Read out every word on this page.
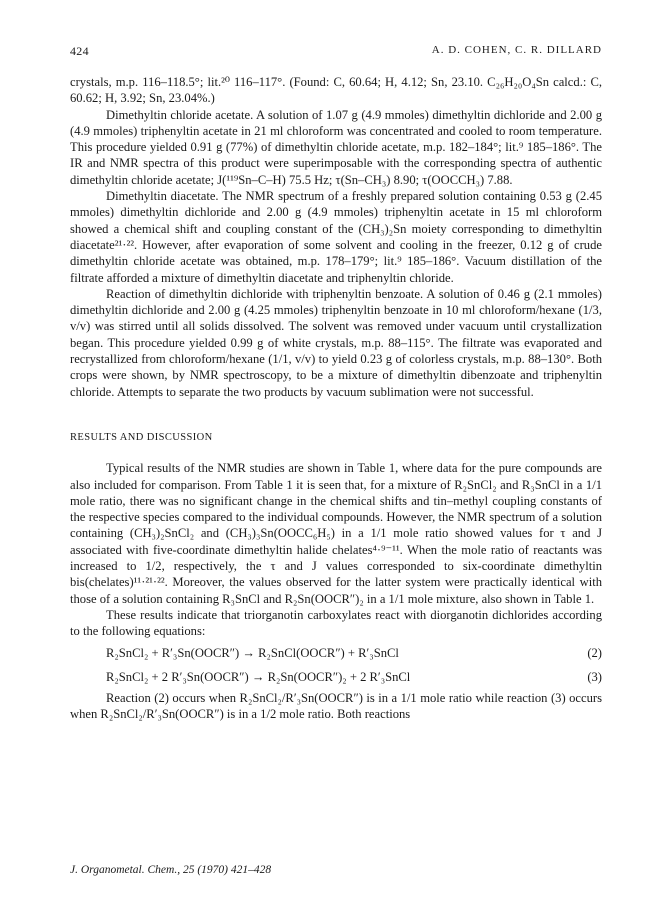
424	A. D. COHEN, C. R. DILLARD

crystals, m.p. 116–118.5°; lit.²⁰ 116–117°. (Found: C, 60.64; H, 4.12; Sn, 23.10. C₂₆H₂₀O₄Sn calcd.: C, 60.62; H, 3.92; Sn, 23.04%.)

Dimethyltin chloride acetate. A solution of 1.07 g (4.9 mmoles) dimethyltin dichloride and 2.00 g (4.9 mmoles) triphenyltin acetate in 21 ml chloroform was concentrated and cooled to room temperature. This procedure yielded 0.91 g (77%) of dimethyltin chloride acetate, m.p. 182–184°; lit.⁹ 185–186°. The IR and NMR spectra of this product were superimposable with the corresponding spectra of authentic dimethyltin chloride acetate; J(¹¹⁹Sn–C–H) 75.5 Hz; τ(Sn–CH₃) 8.90; τ(OOCCH₃) 7.88.

Dimethyltin diacetate. The NMR spectrum of a freshly prepared solution containing 0.53 g (2.45 mmoles) dimethyltin dichloride and 2.00 g (4.9 mmoles) triphenyltin acetate in 15 ml chloroform showed a chemical shift and coupling constant of the (CH₃)₂Sn moiety corresponding to dimethyltin diacetate²¹·²². However, after evaporation of some solvent and cooling in the freezer, 0.12 g of crude dimethyltin chloride acetate was obtained, m.p. 178–179°; lit.⁹ 185–186°. Vacuum distillation of the filtrate afforded a mixture of dimethyltin diacetate and triphenyltin chloride.

Reaction of dimethyltin dichloride with triphenyltin benzoate. A solution of 0.46 g (2.1 mmoles) dimethyltin dichloride and 2.00 g (4.25 mmoles) triphenyltin benzoate in 10 ml chloroform/hexane (1/3, v/v) was stirred until all solids dissolved. The solvent was removed under vacuum until crystallization began. This procedure yielded 0.99 g of white crystals, m.p. 88–115°. The filtrate was evaporated and recrystallized from chloroform/hexane (1/1, v/v) to yield 0.23 g of colorless crystals, m.p. 88–130°. Both crops were shown, by NMR spectroscopy, to be a mixture of dimethyltin dibenzoate and triphenyltin chloride. Attempts to separate the two products by vacuum sublimation were not successful.

RESULTS AND DISCUSSION

Typical results of the NMR studies are shown in Table 1, where data for the pure compounds are also included for comparison. From Table 1 it is seen that, for a mixture of R₂SnCl₂ and R₃SnCl in a 1/1 mole ratio, there was no significant change in the chemical shifts and tin–methyl coupling constants of the respective species compared to the individual compounds. However, the NMR spectrum of a solution containing (CH₃)₂SnCl₂ and (CH₃)₃Sn(OOCC₆H₅) in a 1/1 mole ratio showed values for τ and J associated with five-coordinate dimethyltin halide chelates⁴·⁹⁻¹¹. When the mole ratio of reactants was increased to 1/2, respectively, the τ and J values corresponded to six-coordinate dimethyltin bis(chelates)¹¹·²¹·²². Moreover, the values observed for the latter system were practically identical with those of a solution containing R₃SnCl and R₂Sn(OOCR″)₂ in a 1/1 mole mixture, also shown in Table 1.

These results indicate that triorganotin carboxylates react with diorganotin dichlorides according to the following equations:

R₂SnCl₂ + R′₃Sn(OOCR″) → R₂SnCl(OOCR″) + R′₃SnCl	(2)
R₂SnCl₂ + 2 R′₃Sn(OOCR″) → R₂Sn(OOCR″)₂ + 2 R′₃SnCl	(3)

Reaction (2) occurs when R₂SnCl₂/R′₃Sn(OOCR″) is in a 1/1 mole ratio while reaction (3) occurs when R₂SnCl₂/R′₃Sn(OOCR″) is in a 1/2 mole ratio. Both reactions

J. Organometal. Chem., 25 (1970) 421–428
